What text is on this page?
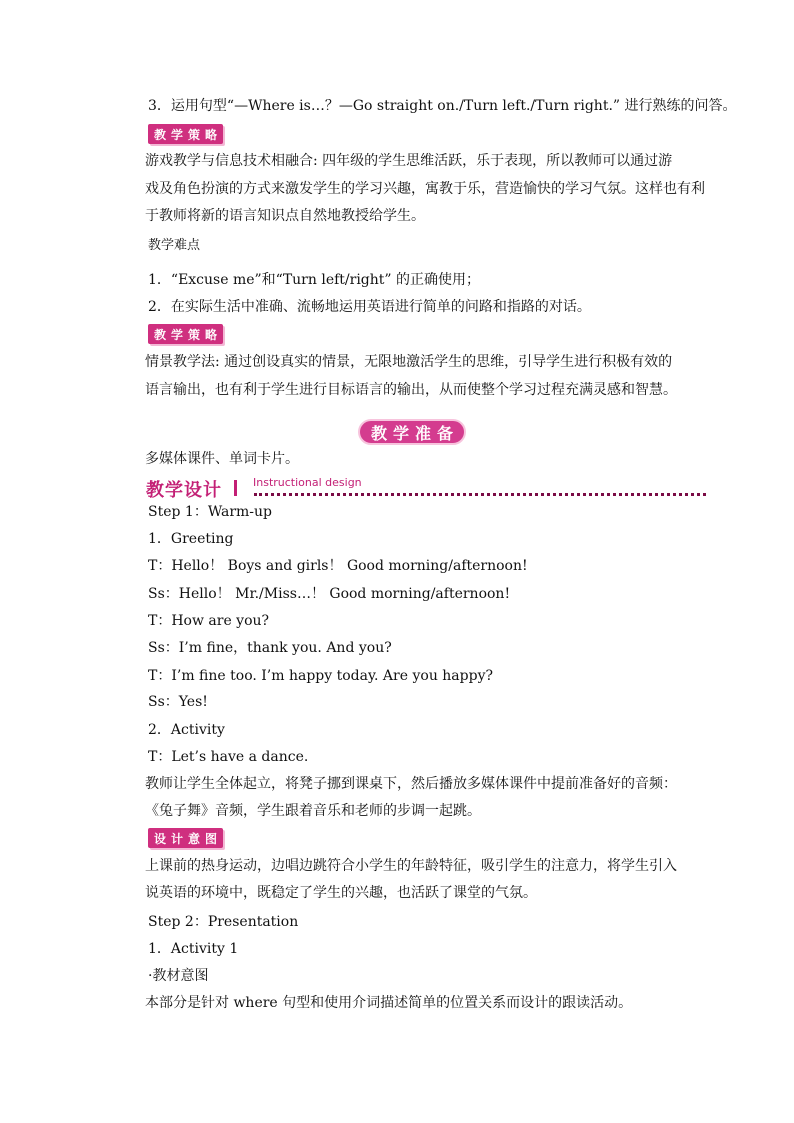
3．运用句型“—Where is…？—Go straight on./Turn left./Turn right.” 进行熟练的问答。
教 学 策 略
游戏教学与信息技术相融合: 四年级的学生思维活跃，乐于表现，所以教师可以通过游
戏及角色扮演的方式来激发学生的学习兴趣，寓教于乐，营造愉快的学习气氛。这样也有利
于教师将新的语言知识点自然地教授给学生。
教学难点
1．“Excuse me”和“Turn left/right” 的正确使用；
2．在实际生活中准确、流畅地运用英语进行简单的问路和指路的对话。
教 学 策 略
情景教学法: 通过创设真实的情景，无限地激活学生的思维，引导学生进行积极有效的
语言输出，也有利于学生进行目标语言的输出，从而使整个学习过程充满灵感和智慧。
教学准备
多媒体课件、单词卡片。
教学设计	Instructional design
Step 1：Warm-up
1．Greeting
T：Hello！ Boys and girls！ Good morning/afternoon!
Ss：Hello！ Mr./Miss…！ Good morning/afternoon!
T：How are you?
Ss：I’m fine，thank you. And you?
T：I’m fine too. I’m happy today. Are you happy?
Ss：Yes!
2．Activity
T：Let’s have a dance.
教师让学生全体起立，将凳子挪到课桌下，然后播放多媒体课件中提前准备好的音频：
《兔子舞》音频，学生跟着音乐和老师的步调一起跳。
设 计 意 图
上课前的热身运动，边唱边跳符合小学生的年龄特征，吸引学生的注意力，将学生引入
说英语的环境中，既稳定了学生的兴趣，也活跃了课堂的气氛。
Step 2：Presentation
1．Activity 1
·教材意图
本部分是针对 where 句型和使用介词描述简单的位置关系而设计的跟读活动。
